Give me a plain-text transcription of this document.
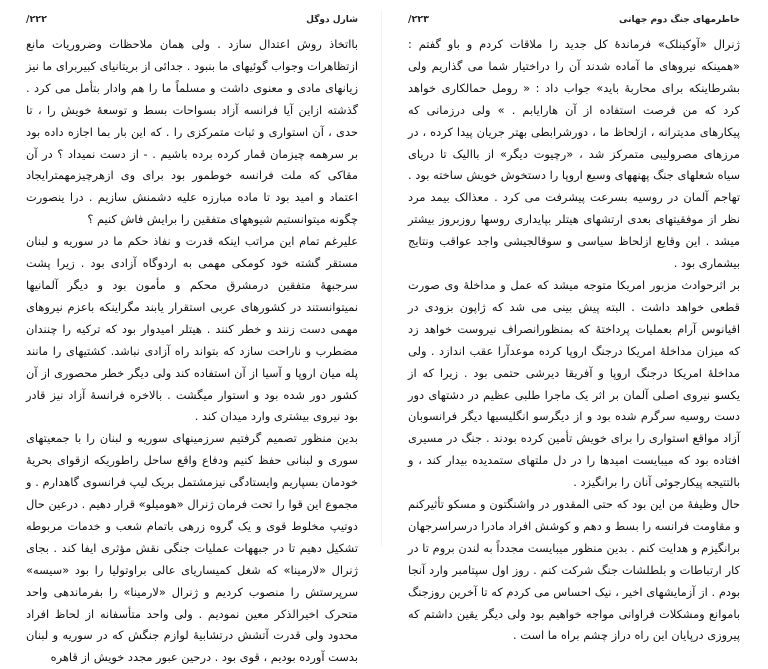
شارل دوگل
۲۲۲/

بااتخاذ روش اعتدال سازد . ولی همان ملاحظات وضروریات مانع ازتظاهرات وجواب گوئیهای ما بنبود . جدائی از بریتانیای کبیربرای ما نیز زیانهای مادی و معنوی داشت و مسلماً ما را هم وادار بتأمل می کرد . گذشته ازاین آیا فرانسه آزاد بسواحات بسط و توسعهٔ خویش را ، تا حدی ، آن استواری و ثبات متمرکزی را . که این بار بما اجازه داده بود بر سرهمه چیزمان قمار کرده برده باشیم . - از دست نمیداد ؟ در آن مقاکی که ملت فرانسه خوطمور بود برای وی ازهرچیزمهمترایجاد اعتماد و امید بود تا ماده مبارزه علیه دشمنش سازیم . درا ینصورت چگونه میتوانستیم شیوههای متفقین را برایش فاش کنیم ؟

علیرغم تمام این مراتب اینکه قدرت و نفاذ حکم ما در سوریه و لبنان مستقر گشته خود کومکی مهمی به اردوگاه آزادی بود . زیرا پشت سرجبههٔ متفقین درمشرق محکم و مأمون بود و دیگر آلمانیها نمیتوانستند در کشورهای عربی استقرار یابند مگراینکه باعزم نیروهای مهمی دست زنند و خطر کنند . هیتلر امیدوار بود که ترکیه را چنندان مضطرب و ناراحت سازد که بتواند راه آزادی نباشد. کشتیهای را مانند پله میان اروپا و آسیا از آن استفاده کند ولی دیگر خطر محصوری از آن کشور دور شده بود و استوار میگشت . بالاخره فرانسهٔ آزاد نیز قادر بود نیروی بیشتری وارد میدان کند .

بدین منظور تصمیم گرفتیم سرزمینهای سوریه و لبنان را با جمعیتهای سوری و لبنانی حفظ کنیم ودفاع واقع ساحل راطوریکه ازقوای بحریهٔ خودمان بسپاریم وایستادگی نیزمشتمل بریک لیپ فرانسوی گاهدارم . و مجموع این قوا را تحت فرمان ژنرال «هومیلو» قرار دهیم . درعین حال دوتیپ مخلوط قوی و یک گروه زرهی باتمام شعب و خدمات مربوطه تشکیل دهیم تا در جبههات عملیات جنگی نقش مؤثری ایفا کند . بجای ژنرال «لارمینا» که شغل کمیساریای عالی براوتولیا را بود «سیسه» سرپرستش را منصوب کردیم و ژنرال «لارمینا» را بفرماندهی واحد متحرک اخیرالذکر معین نمودیم . ولی واحد متأسفانه از لحاظ افراد محدود ولی قدرت آتشش درتشابیهٔ لوازم جنگش که در سوریه و لبنان بدست آورده بودیم ، قوی بود . درحین عبور مجدد خویش از قاهره

خاطرمهای جنگ دوم جهانی
۲۲۳/

ژنرال «آوکینلک» فرماندهٔ کل جدید را ملاقات کردم و باو گفتم : «همینکه نیروهای ما آماده شدند آن را دراختیار شما می گذاریم ولی بشرطاینکه برای محاربهٔ باید» جواب داد : « رومل حمالکاری خواهد کرد که من فرصت استفاده از آن هارایابم . » ولی درزمانی که پیکارهای مدیترانه ، ازلحاظ ما ، دورشرابطی بهتر جریان پیدا کرده ، در مرزهای مصرولیبی متمرکز شد ، «رچیوت دیگر» از باالیک تا دریای سیاه شعلهای جنگ پهنههای وسیع اروپا را دستخوش خویش ساخته بود . تهاجم آلمان در روسیه بسرعت پیشرفت می کرد . معذالک بیمد مرد نظر از موفقیتهای بعدی ارتشهای هیتلر بپایداری روسها روزبروز بیشتر میشد . این وقایع ازلحاظ سیاسی و سوقالجیشی واجد عواقب ونتایج بیشماری بود .

بر اثرحوادث مزبور امریکا متوجه میشد که عمل و مداخلهٔ وی صورت قطعی خواهد داشت . البته پیش بینی می شد که ژاپون بزودی در اقیانوس آرام بعملیات پرداختهٔ که بمنظورانصراف نیروست خواهد زد که میزان مداخلهٔ امریکا درجنگ اروپا کرده موعدآرا عقب اندازد . ولی مداخلهٔ امریکا درجنگ اروپا و آفریقا دیرشی حتمی بود . زیرا که از یکسو نیروی اصلی آلمان بر اثر یک ماجرا طلبی عظیم در دشتهای دور دست روسیه سرگرم شده بود و از دیگرسو انگلیسیها دیگر فرانسوبان آزاد مواقع استواری را برای خویش تأمین کرده بودند . جنگ در مسیری افتاده بود که میبایست امیدها را در دل ملتهای ستمدیده بیدار کند ، و بالتتیجه پیکارجوئی آنان را برانگیزد .

حال وظیفهٔ من این بود که حتی المقدور در واشنگتون و مسکو تأثیرکنم و مقاومت فرانسه را بسط و دهم و کوشش افراد مادرا درسراسرجهان برانگیزم و هدایت کنم . بدین منظور میبایست مجدداً به لندن بروم تا در کار ارتباطات و بلطلشات جنگ شرکت کنم . روز اول سپتامبر وارد آنجا بودم . از آزمایشهای اخیر ، نیک احساس می کردم که تا آخرین روزجنگ باموانع ومشکلات فراوانی مواجه خواهیم بود ولی دیگر یقین داشتم که پیروزی درپایان این راه دراز چشم براه ما است .
